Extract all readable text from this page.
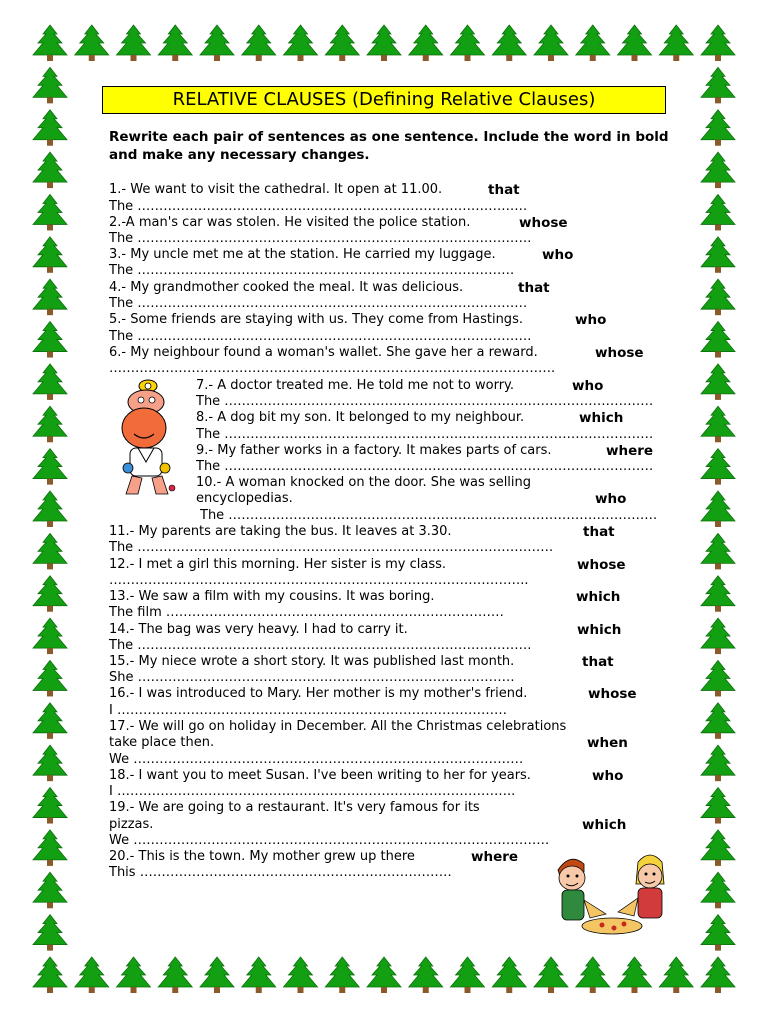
RELATIVE CLAUSES (Defining Relative Clauses)
Rewrite each pair of sentences as one sentence. Include the word in bold and make any necessary changes.
1.- We want to visit the cathedral. It open at 11.00.	that
The ………………………………………………………………………………
2.-A man's car was stolen. He visited the police station.	whose
The ……………………………………………………………………………….
3.- My uncle met me at the station. He carried my luggage.	who
The ……………………………………………………………………………
4.- My grandmother cooked the meal. It was delicious.	that
The ………………………………………………………………………………
5.- Some friends are staying with us. They come from Hastings.	who
The ……………………………………………………………………………….
6.- My neighbour found a woman's wallet. She gave her a reward.	whose
………………………………………………………………………………………….
7.- A doctor treated me. He told me not to worry.	who
The ………………………………………………………………………………………
8.- A dog bit my son. It belonged to my neighbour.	which
The ………………………………………………………………………………………
9.- My father works in a factory. It makes parts of cars.	where
The ………………………………………………………………………………………
10.- A woman knocked on the door. She was selling
encyclopedias.	who
The ………………………………………………………………………………………
11.- My parents are taking the bus. It leaves at 3.30.	that
The ……………………………………………………………………………………
12.- I met a girl this morning. Her sister is my class.	whose
…………..………………………………………………………………………..
13.- We saw a film with my cousins. It was boring.	which
The film ……………………………………………………………………
14.- The bag was very heavy. I had to carry it.	which
The ……………………………………………………………………………….
15.- My niece wrote a short story. It was published last month.	that
She ……………………………………………………………………………
16.- I was introduced to Mary. Her mother is my mother's friend.	whose
I ………………………………………………………………………………
17.- We will go on holiday in December. All the Christmas celebrations
take place then.	when
We ………………………………………………………………………………
18.- I want you to meet Susan. I've been writing to her for years.	who
I ………………………………………………………………………………..
19.- We are going to a restaurant. It's very famous for its
pizzas.	which
We ……………………………………………………………………………………
20.- This is the town. My mother grew up there	where
This ………………………………………………………………
